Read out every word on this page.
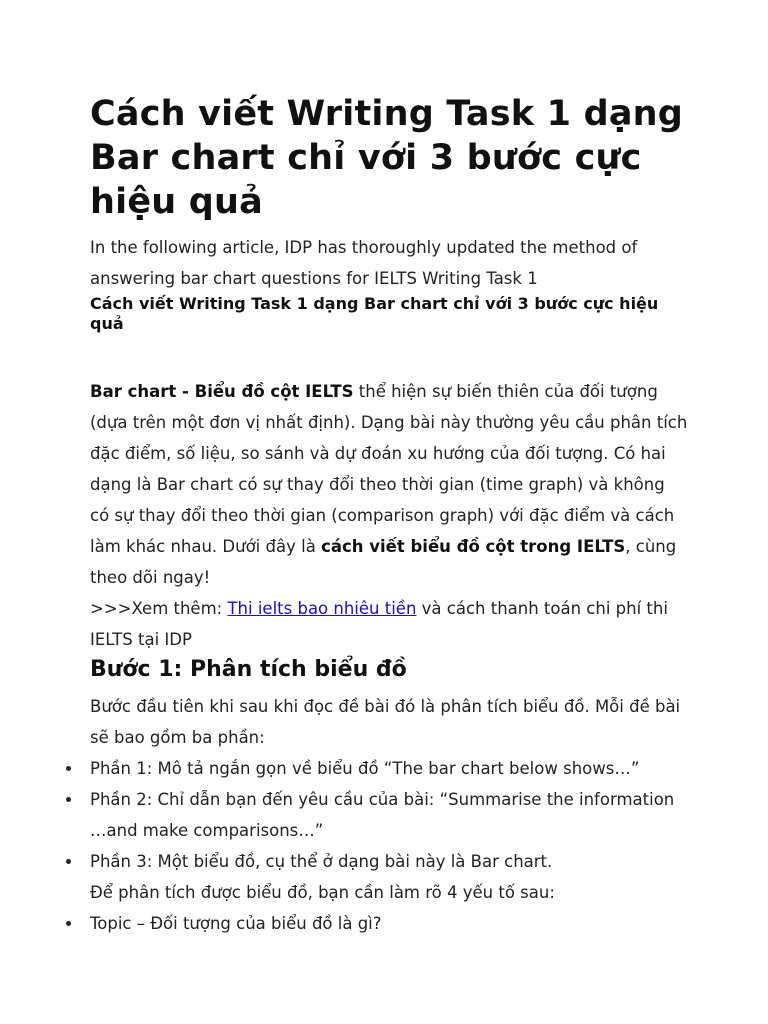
Cách viết Writing Task 1 dạng Bar chart chỉ với 3 bước cực hiệu quả

In the following article, IDP has thoroughly updated the method of answering bar chart questions for IELTS Writing Task 1

Cách viết Writing Task 1 dạng Bar chart chỉ với 3 bước cực hiệu quả

Bar chart - Biểu đồ cột IELTS thể hiện sự biến thiên của đối tượng (dựa trên một đơn vị nhất định). Dạng bài này thường yêu cầu phân tích đặc điểm, số liệu, so sánh và dự đoán xu hướng của đối tượng. Có hai dạng là Bar chart có sự thay đổi theo thời gian (time graph) và không có sự thay đổi theo thời gian (comparison graph) với đặc điểm và cách làm khác nhau. Dưới đây là cách viết biểu đồ cột trong IELTS, cùng theo dõi ngay!

>>>Xem thêm: Thi ielts bao nhiêu tiền và cách thanh toán chi phí thi IELTS tại IDP

Bước 1: Phân tích biểu đồ

Bước đầu tiên khi sau khi đọc đề bài đó là phân tích biểu đồ. Mỗi đề bài sẽ bao gồm ba phần:

Phần 1: Mô tả ngắn gọn về biểu đồ “The bar chart below shows…”
Phần 2: Chỉ dẫn bạn đến yêu cầu của bài: “Summarise the information …and make comparisons…”
Phần 3: Một biểu đồ, cụ thể ở dạng bài này là Bar chart.

Để phân tích được biểu đồ, bạn cần làm rõ 4 yếu tố sau:

Topic – Đối tượng của biểu đồ là gì?
